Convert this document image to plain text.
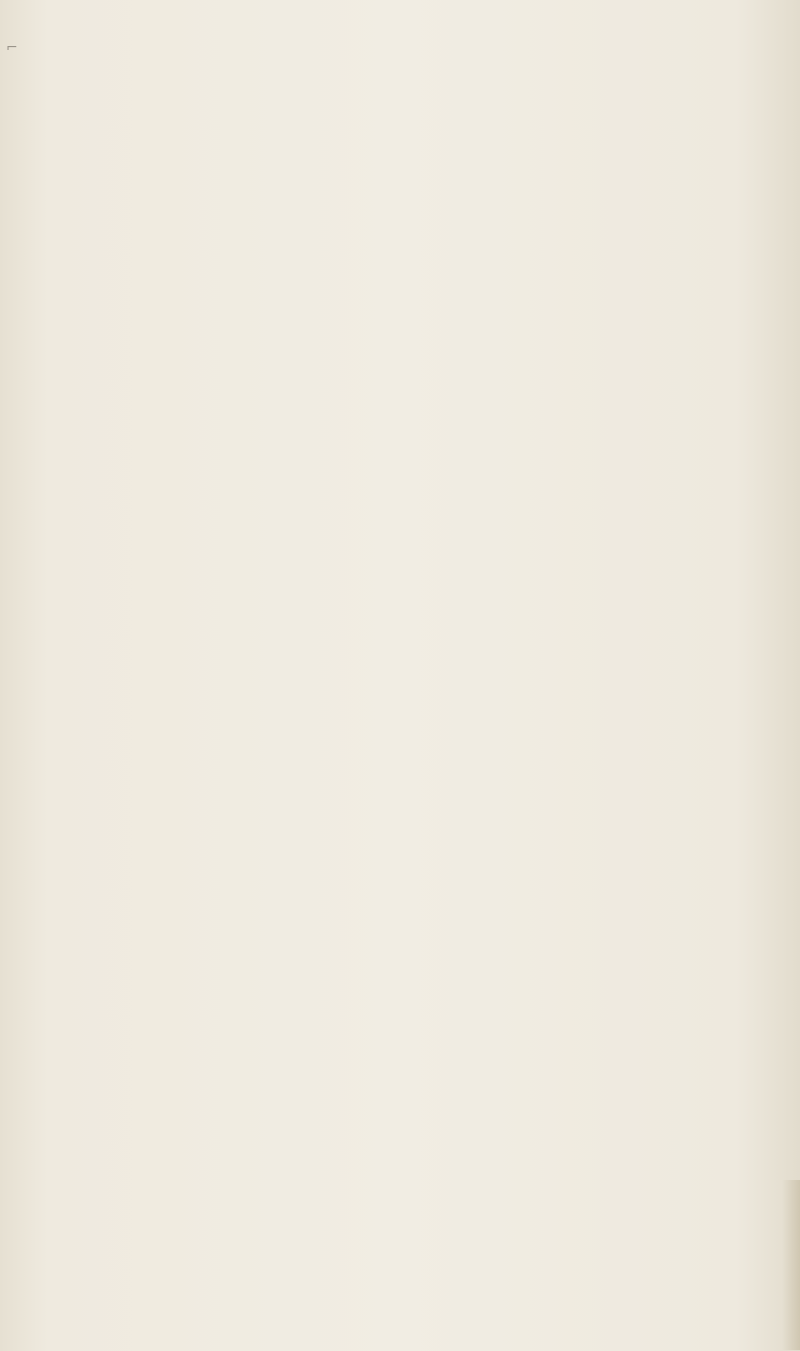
⌐
